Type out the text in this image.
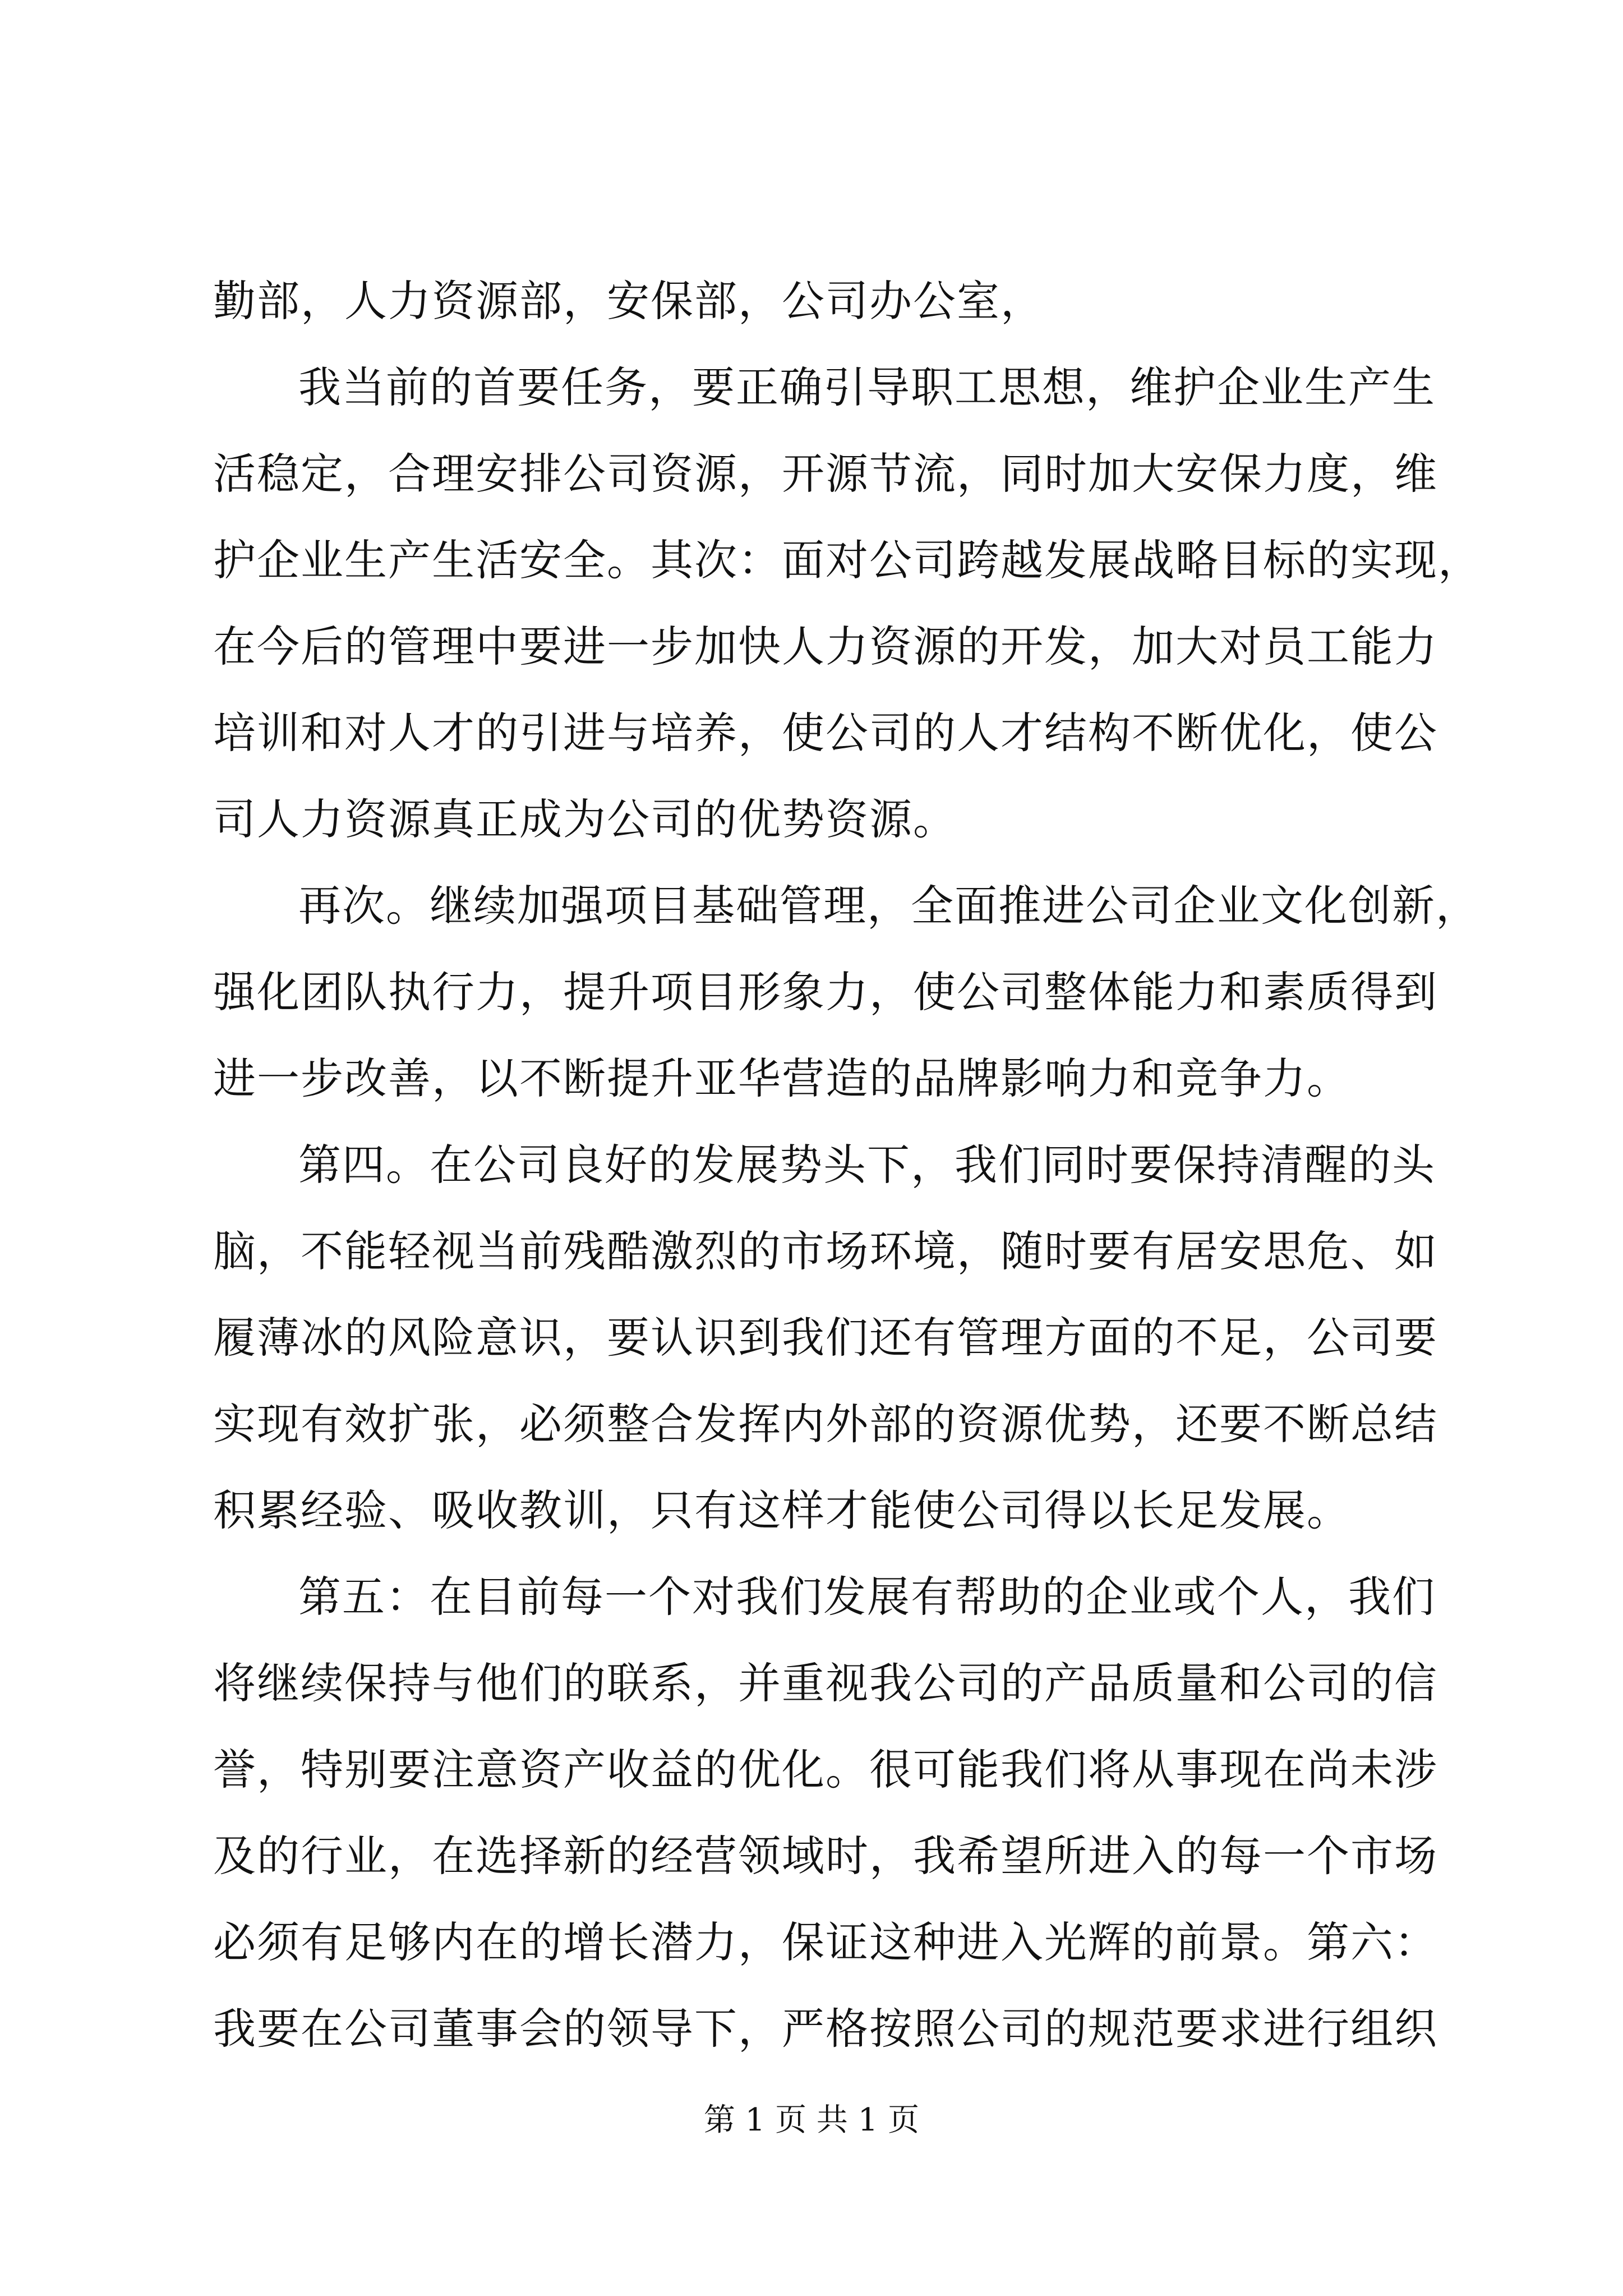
勤部，人力资源部，安保部，公司办公室，
我当前的首要任务，要正确引导职工思想，维护企业生产生
活稳定，合理安排公司资源，开源节流，同时加大安保力度，维
护企业生产生活安全。其次：面对公司跨越发展战略目标的实现，
在今后的管理中要进一步加快人力资源的开发，加大对员工能力
培训和对人才的引进与培养，使公司的人才结构不断优化，使公
司人力资源真正成为公司的优势资源。
再次。继续加强项目基础管理，全面推进公司企业文化创新，
强化团队执行力，提升项目形象力，使公司整体能力和素质得到
进一步改善，以不断提升亚华营造的品牌影响力和竞争力。
第四。在公司良好的发展势头下，我们同时要保持清醒的头
脑，不能轻视当前残酷激烈的市场环境，随时要有居安思危、如
履薄冰的风险意识，要认识到我们还有管理方面的不足，公司要
实现有效扩张，必须整合发挥内外部的资源优势，还要不断总结
积累经验、吸收教训，只有这样才能使公司得以长足发展。
第五：在目前每一个对我们发展有帮助的企业或个人，我们
将继续保持与他们的联系，并重视我公司的产品质量和公司的信
誉，特别要注意资产收益的优化。很可能我们将从事现在尚未涉
及的行业，在选择新的经营领域时，我希望所进入的每一个市场
必须有足够内在的增长潜力，保证这种进入光辉的前景。第六：
我要在公司董事会的领导下，严格按照公司的规范要求进行组织
第 1 页 共 1 页
